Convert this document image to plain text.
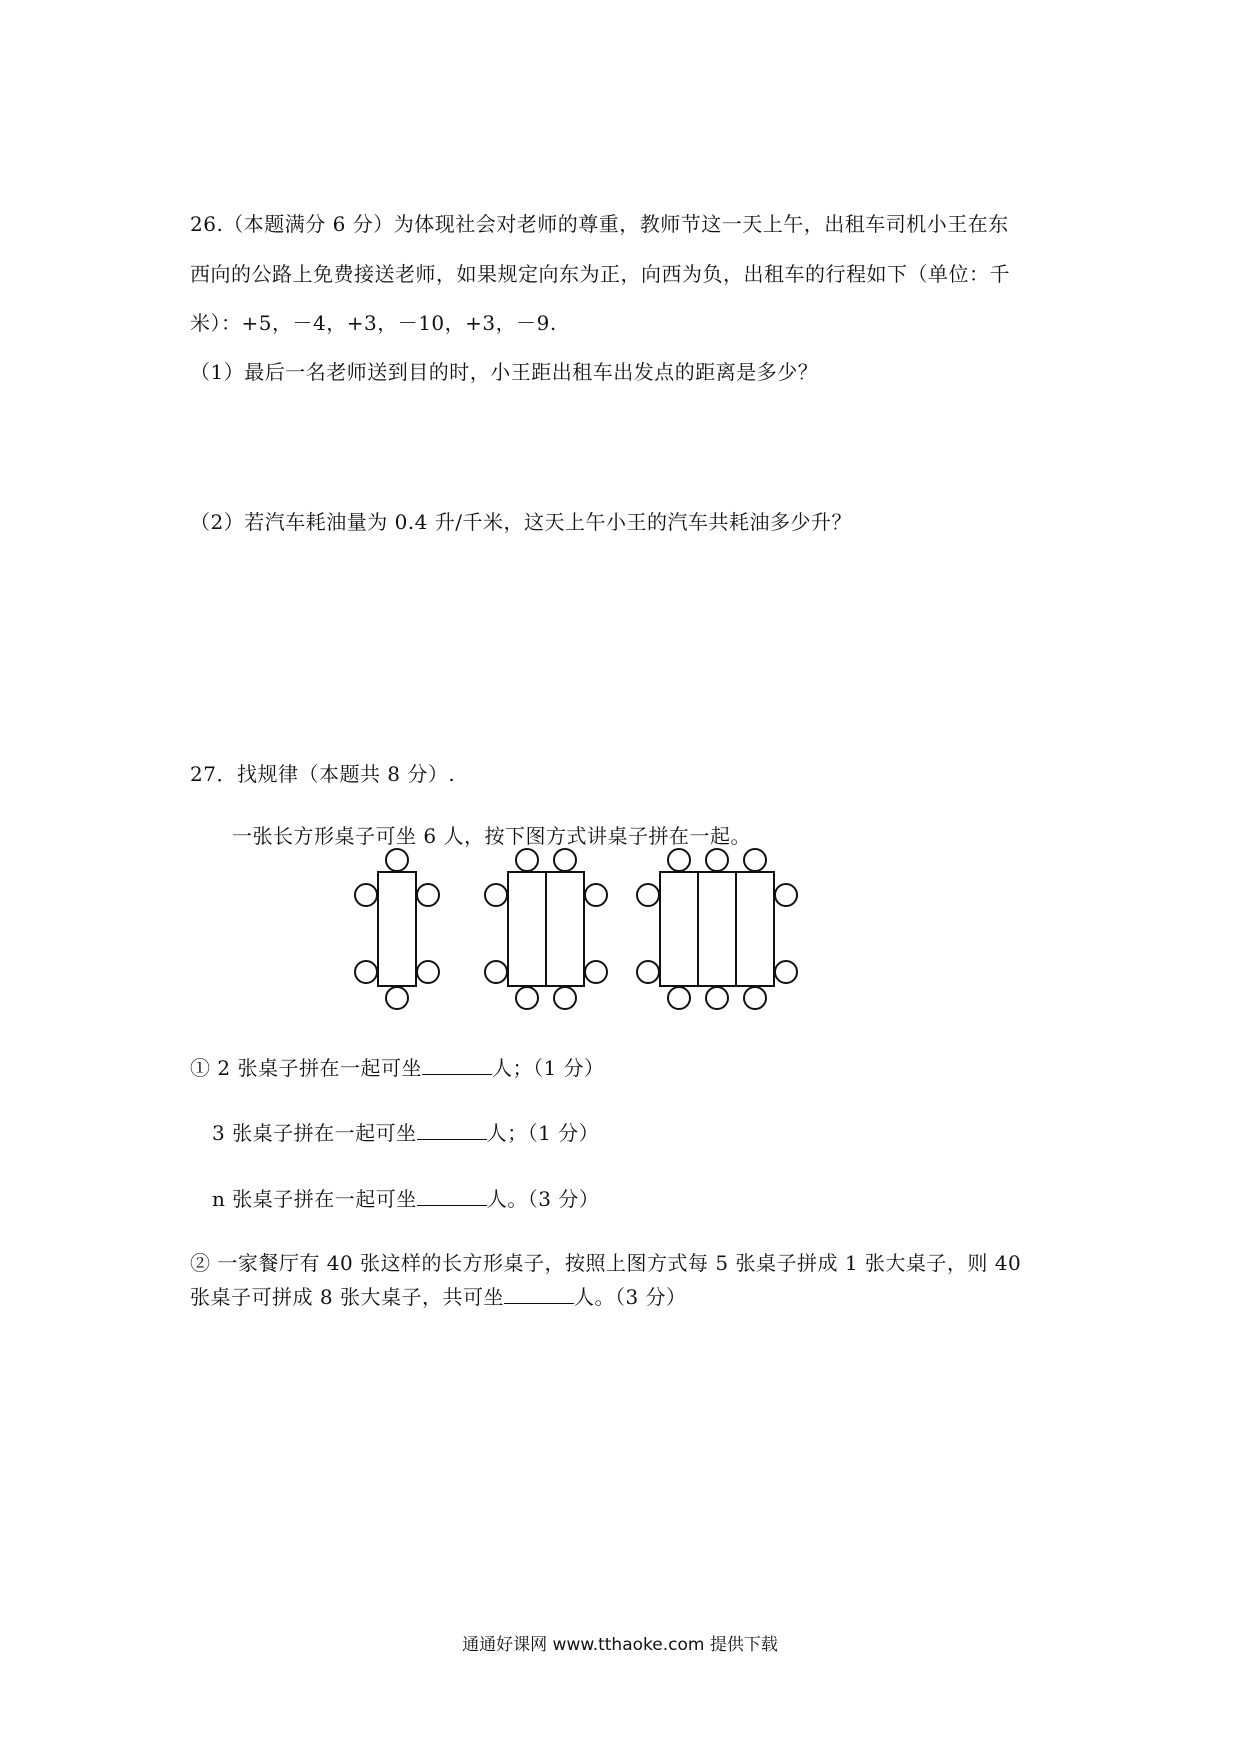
26.（本题满分 6 分）为体现社会对老师的尊重，教师节这一天上午，出租车司机小王在东
西向的公路上免费接送老师，如果规定向东为正，向西为负，出租车的行程如下（单位：千
米）：+5，－4，+3，－10，+3，－9.
（1）最后一名老师送到目的时，小王距出租车出发点的距离是多少？
（2）若汽车耗油量为 0.4 升/千米，这天上午小王的汽车共耗油多少升？
27．找规律（本题共 8 分）.
一张长方形桌子可坐 6 人，按下图方式讲桌子拼在一起。
① 2 张桌子拼在一起可坐	人；（1 分）
3 张桌子拼在一起可坐	人；（1 分）
n 张桌子拼在一起可坐	人。（3 分）
② 一家餐厅有 40 张这样的长方形桌子，按照上图方式每 5 张桌子拼成 1 张大桌子，则 40
张桌子可拼成 8 张大桌子，共可坐	人。（3 分）
通通好课网 www.tthaoke.com 提供下载
